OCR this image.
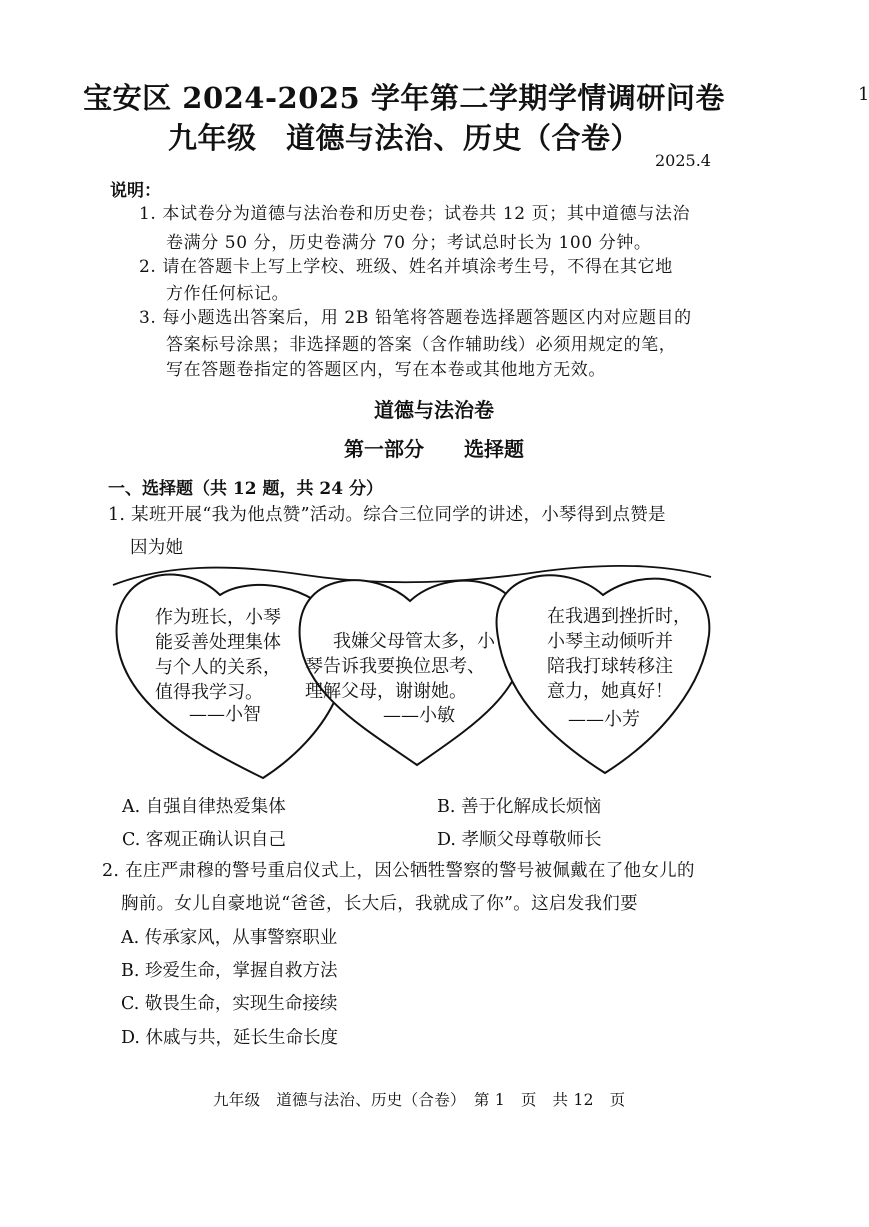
宝安区 2024-2025 学年第二学期学情调研问卷
九年级　道德与法治、历史（合卷）
1
2025.4
说明：
1. 本试卷分为道德与法治卷和历史卷；试卷共 12 页；其中道德与法治
卷满分 50 分，历史卷满分 70 分；考试总时长为 100 分钟。
2. 请在答题卡上写上学校、班级、姓名并填涂考生号，不得在其它地
方作任何标记。
3. 每小题选出答案后，用 2B 铅笔将答题卷选择题答题区内对应题目的
答案标号涂黑；非选择题的答案（含作辅助线）必须用规定的笔，
写在答题卷指定的答题区内，写在本卷或其他地方无效。
道德与法治卷
第一部分　　选择题
一、选择题（共 12 题，共 24 分）
1. 某班开展“我为他点赞”活动。综合三位同学的讲述，小琴得到点赞是
因为她
作为班长，小琴
能妥善处理集体
与个人的关系，
值得我学习。
——小智
我嫌父母管太多，小
琴告诉我要换位思考、
理解父母，谢谢她。
——小敏
在我遇到挫折时，
小琴主动倾听并
陪我打球转移注
意力，她真好！
——小芳
A. 自强自律热爱集体	B. 善于化解成长烦恼
C. 客观正确认识自己	D. 孝顺父母尊敬师长
2. 在庄严肃穆的警号重启仪式上，因公牺牲警察的警号被佩戴在了他女儿的
胸前。女儿自豪地说“爸爸，长大后，我就成了你”。这启发我们要
A. 传承家风，从事警察职业
B. 珍爱生命，掌握自救方法
C. 敬畏生命，实现生命接续
D. 休戚与共，延长生命长度
九年级　道德与法治、历史（合卷）　第 1　页　共 12　页
